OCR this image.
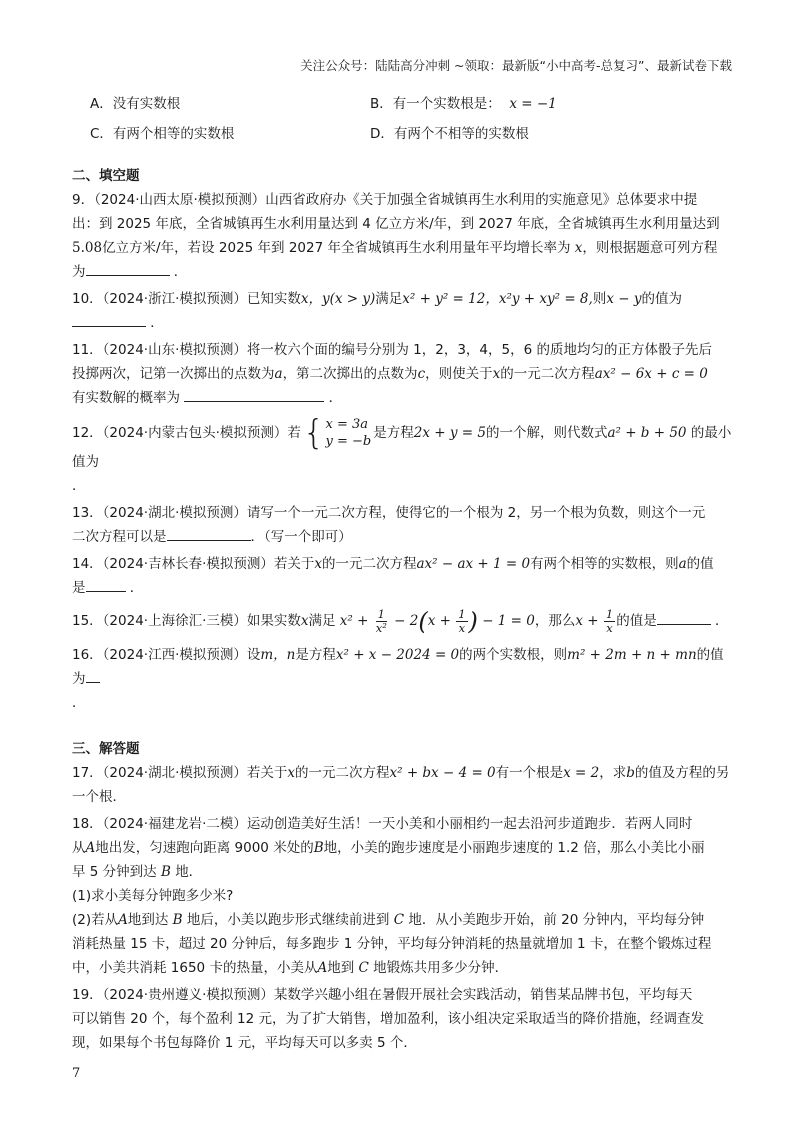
关注公众号：陆陆高分冲刺 ~领取：最新版“小中高考-总复习”、最新试卷下载
A．没有实数根	B．有一个实数根是： x = −1
C．有两个相等的实数根	D．有两个不相等的实数根
二、填空题
9．（2024·山西太原·模拟预测）山西省政府办《关于加强全省城镇再生水利用的实施意见》总体要求中提
出：到 2025 年底，全省城镇再生水利用量达到 4 亿立方米/年，到 2027 年底，全省城镇再生水利用量达到
5.08亿立方米/年，若设 2025 年到 2027 年全省城镇再生水利用量年平均增长率为 x，则根据题意可列方程
为	．
10．（2024·浙江·模拟预测）已知实数x，y(x > y)满足x² + y² = 12，x²y + xy² = 8,则x − y的值为 ．
11．（2024·山东·模拟预测）将一枚六个面的编号分别为 1，2，3，4，5，6 的质地均匀的正方体骰子先后
投掷两次，记第一次掷出的点数为a，第二次掷出的点数为c，则使关于x的一元二次方程ax² − 6x + c = 0
有实数解的概率为	．
12．（2024·内蒙古包头·模拟预测）若 { x = 3a
y = −b
是方程2x + y = 5的一个解，则代数式a² + b + 50 的最小值为
．
13．（2024·湖北·模拟预测）请写一个一元二次方程，使得它的一个根为 2，另一个根为负数，则这个一元
二次方程可以是	．（写一个即可）
14．（2024·吉林长春·模拟预测）若关于x的一元二次方程ax² − ax + 1 = 0有两个相等的实数根，则a的值
是	．
15．（2024·上海徐汇·三模）如果实数x满足 $x^2 + \frac{1}{\text{x²}} - 2(x + \frac{1}{x}$ ) − 1 = 0，那么$x + \frac{1}{x}$ 的值是	．
16．（2024·江西·模拟预测）设m，n是方程x² + x − 2024 = 0的两个实数根，则m² + 2m + n + mn的值为
．
三、解答题
17．（2024·湖北·模拟预测）若关于x的一元二次方程x² + bx − 4 = 0有一个根是x = 2，求b的值及方程的另
一个根．
18．（2024·福建龙岩·二模）运动创造美好生活！一天小美和小丽相约一起去沿河步道跑步．若两人同时
从A地出发，匀速跑向距离 9000 米处的B地，小美的跑步速度是小丽跑步速度的 1.2 倍，那么小美比小丽
早 5 分钟到达 B 地．
(1)求小美每分钟跑多少米?
(2)若从A地到达 B 地后，小美以跑步形式继续前进到 C 地．从小美跑步开始，前 20 分钟内，平均每分钟
消耗热量 15 卡，超过 20 分钟后，每多跑步 1 分钟，平均每分钟消耗的热量就增加 1 卡，在整个锻炼过程
中，小美共消耗 1650 卡的热量，小美从A地到 C 地锻炼共用多少分钟．
19．（2024·贵州遵义·模拟预测）某数学兴趣小组在暑假开展社会实践活动，销售某品牌书包，平均每天
可以销售 20 个，每个盈利 12 元，为了扩大销售，增加盈利，该小组决定采取适当的降价措施，经调查发
现，如果每个书包每降价 1 元，平均每天可以多卖 5 个．
7
